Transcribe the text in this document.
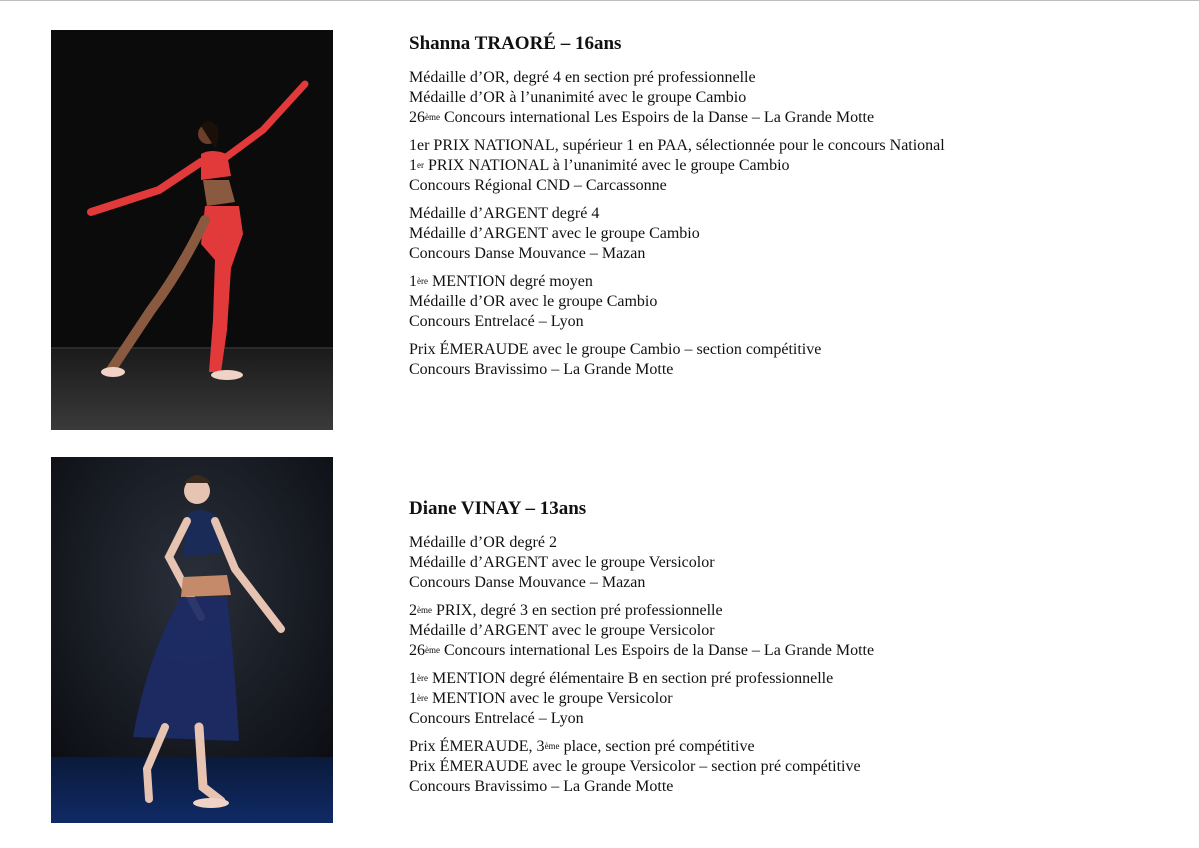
Shanna TRAORÉ – 16ans
Médaille d’OR, degré 4 en section pré professionnelle
Médaille d’OR à l’unanimité avec le groupe Cambio
26ème Concours international Les Espoirs de la Danse – La Grande Motte
1er PRIX NATIONAL, supérieur 1 en PAA, sélectionnée pour le concours National
1er PRIX NATIONAL à l’unanimité avec le groupe Cambio
Concours Régional CND – Carcassonne
Médaille d’ARGENT degré 4
Médaille d’ARGENT avec le groupe Cambio
Concours Danse Mouvance – Mazan
1ère MENTION degré moyen
Médaille d’OR avec le groupe Cambio
Concours Entrelacé – Lyon
Prix ÉMERAUDE avec le groupe Cambio – section compétitive
Concours Bravissimo – La Grande Motte
Diane VINAY – 13ans
Médaille d’OR degré 2
Médaille d’ARGENT avec le groupe Versicolor
Concours Danse Mouvance – Mazan
2ème PRIX, degré 3 en section pré professionnelle
Médaille d’ARGENT avec le groupe Versicolor
26ème Concours international Les Espoirs de la Danse – La Grande Motte
1ère MENTION degré élémentaire B en section pré professionnelle
1ère MENTION avec le groupe Versicolor
Concours Entrelacé – Lyon
Prix ÉMERAUDE, 3ème place, section pré compétitive
Prix ÉMERAUDE avec le groupe Versicolor – section pré compétitive
Concours Bravissimo – La Grande Motte
